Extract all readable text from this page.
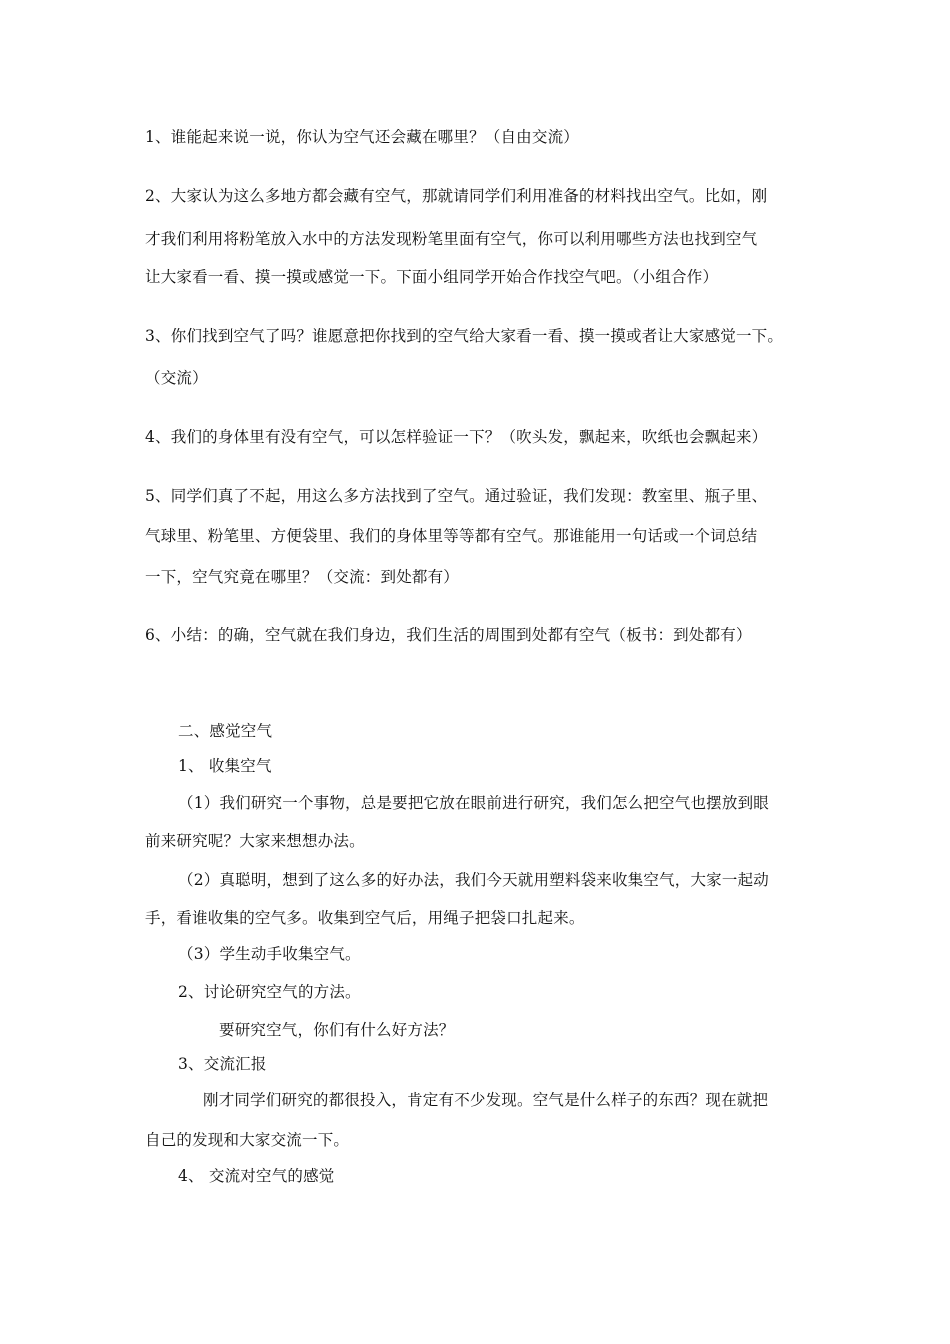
1、谁能起来说一说，你认为空气还会藏在哪里？（自由交流）
2、大家认为这么多地方都会藏有空气，那就请同学们利用准备的材料找出空气。比如，刚
才我们利用将粉笔放入水中的方法发现粉笔里面有空气，你可以利用哪些方法也找到空气
让大家看一看、摸一摸或感觉一下。下面小组同学开始合作找空气吧。（小组合作）
3、你们找到空气了吗？谁愿意把你找到的空气给大家看一看、摸一摸或者让大家感觉一下。
（交流）
4、我们的身体里有没有空气，可以怎样验证一下？（吹头发，飘起来，吹纸也会飘起来）
5、同学们真了不起，用这么多方法找到了空气。通过验证，我们发现：教室里、瓶子里、
气球里、粉笔里、方便袋里、我们的身体里等等都有空气。那谁能用一句话或一个词总结
一下，空气究竟在哪里？（交流：到处都有）
6、小结：的确，空气就在我们身边，我们生活的周围到处都有空气（板书：到处都有）
二、感觉空气
1、 收集空气
（1）我们研究一个事物，总是要把它放在眼前进行研究，我们怎么把空气也摆放到眼
前来研究呢？大家来想想办法。
（2）真聪明，想到了这么多的好办法，我们今天就用塑料袋来收集空气，大家一起动
手，看谁收集的空气多。收集到空气后，用绳子把袋口扎起来。
（3）学生动手收集空气。
2、讨论研究空气的方法。
要研究空气，你们有什么好方法？
3、交流汇报
刚才同学们研究的都很投入，肯定有不少发现。空气是什么样子的东西？现在就把
自己的发现和大家交流一下。
4、 交流对空气的感觉
